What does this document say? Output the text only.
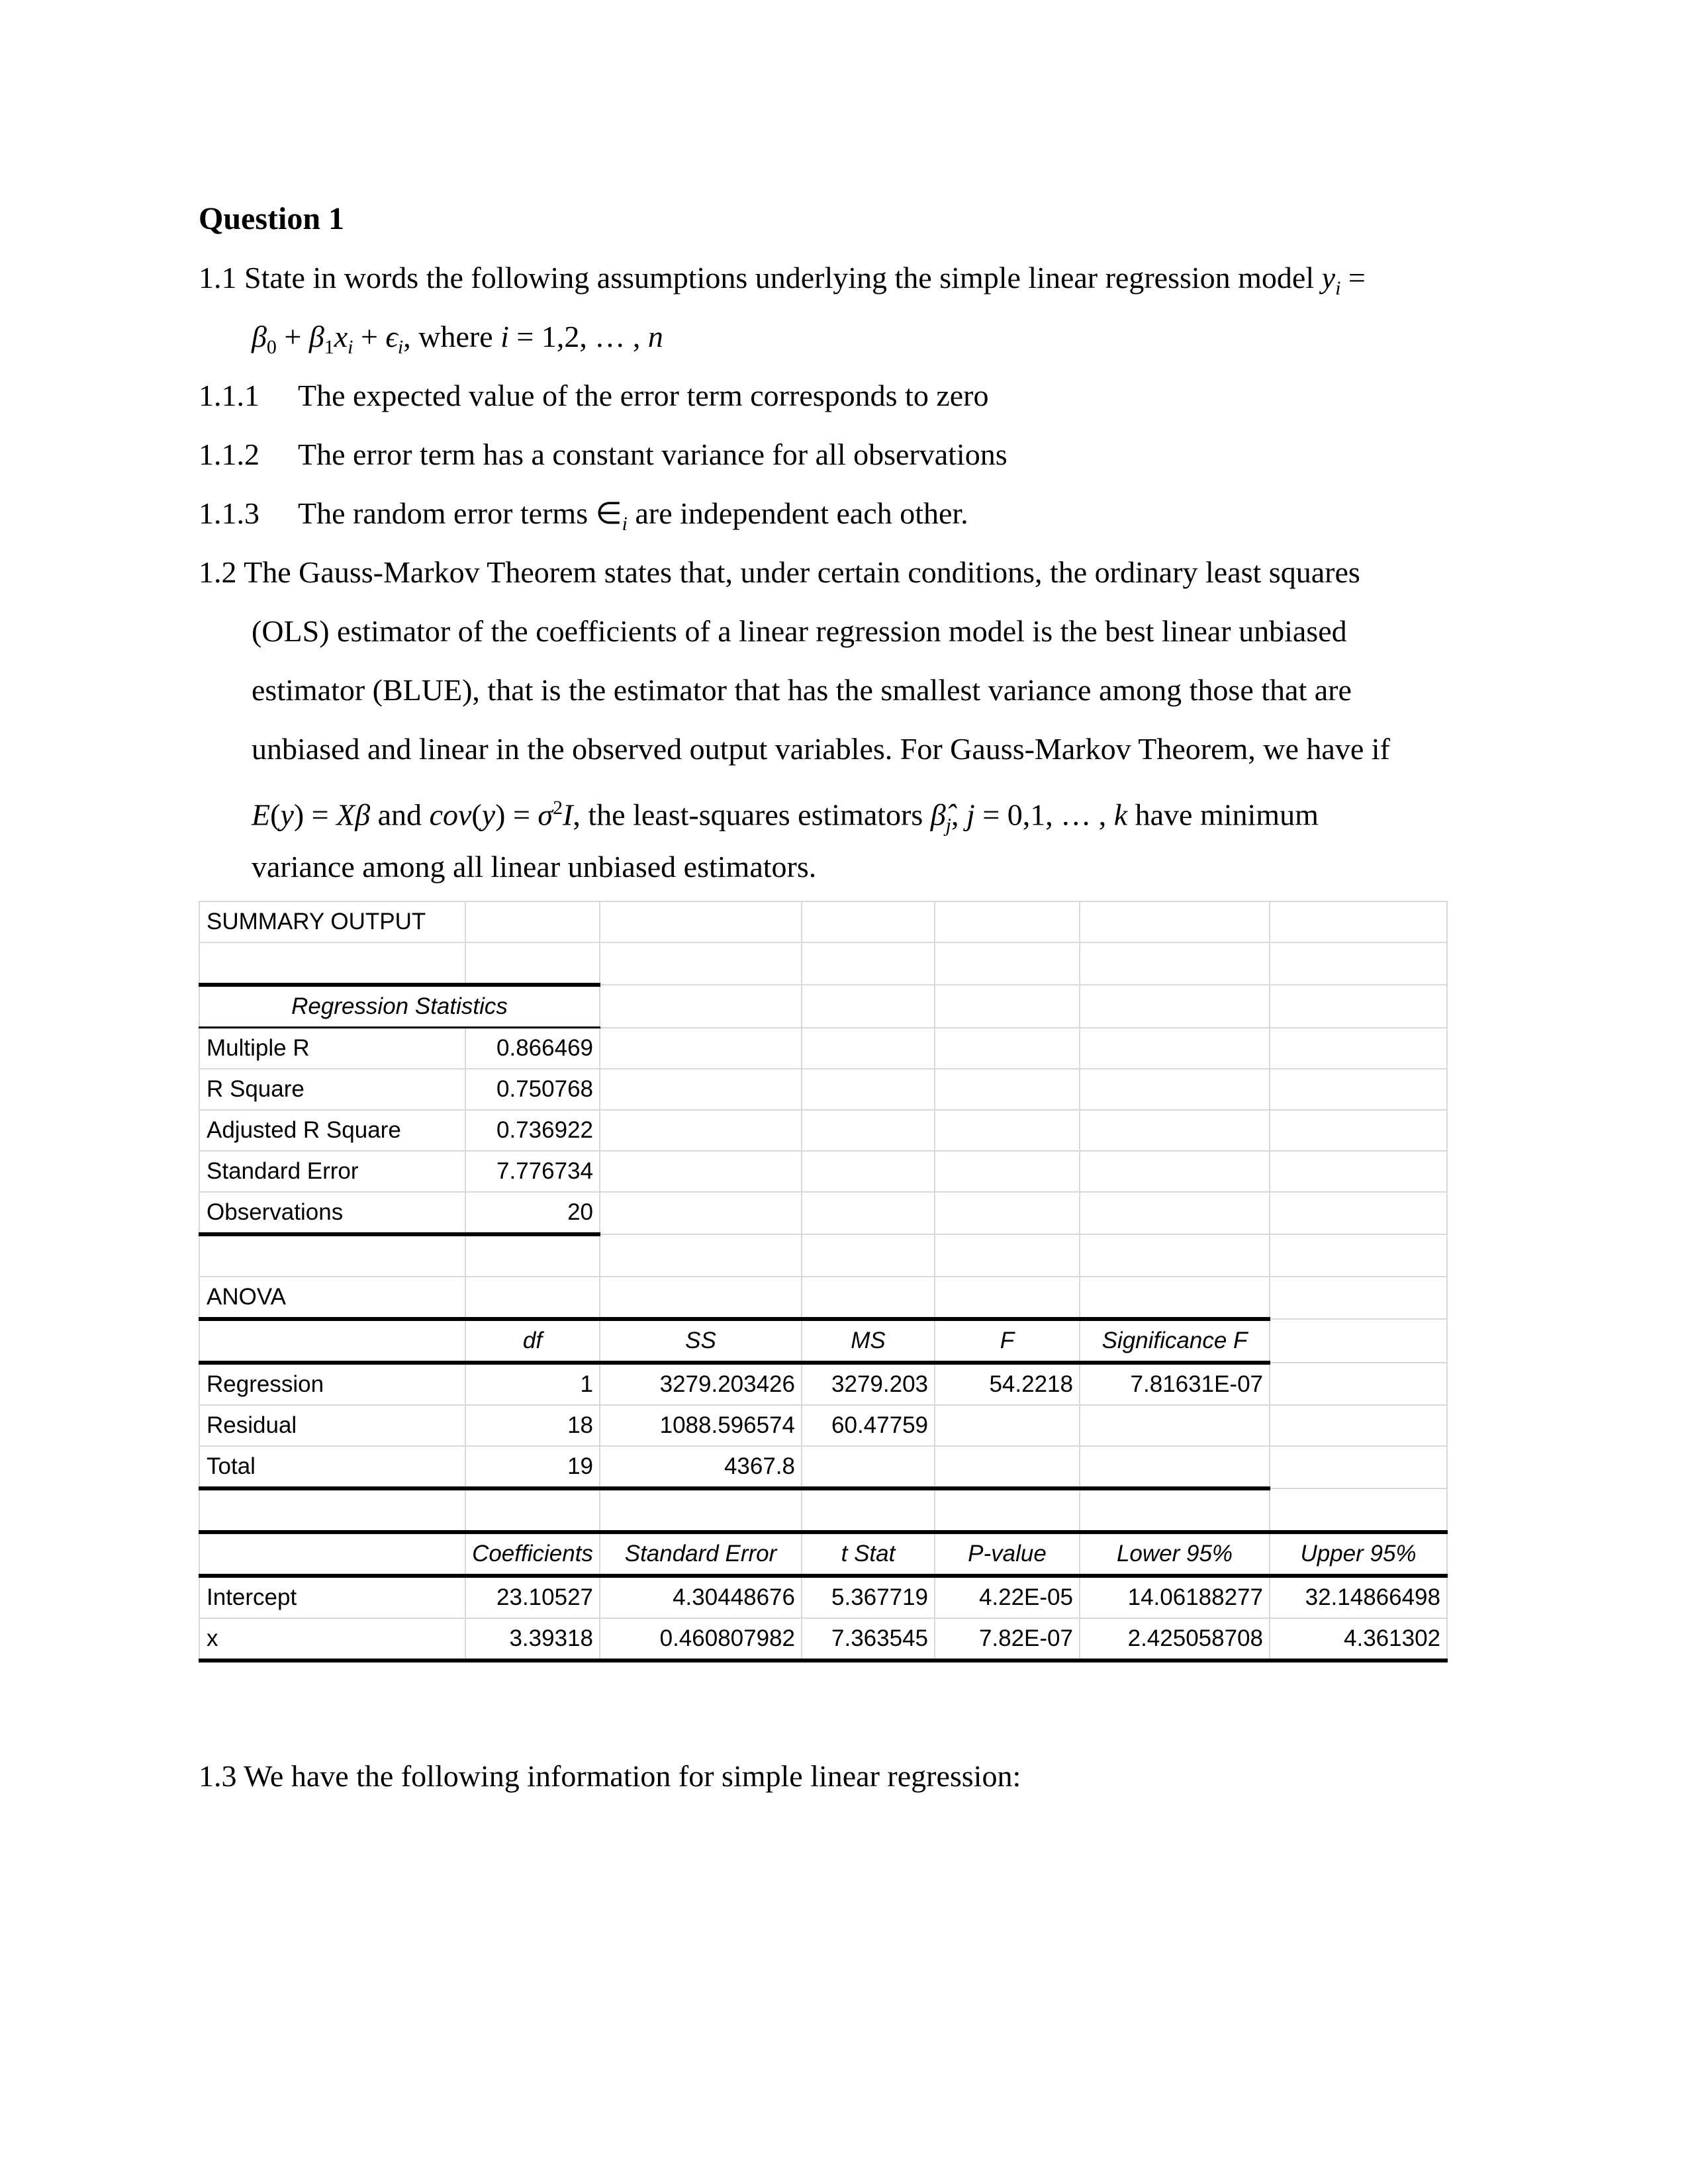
Question 1
1.1 State in words the following assumptions underlying the simple linear regression model $y_i$ =
$\beta_0 + \beta_1x_i + \epsilon_i$, where i = 1,2, … , n
1.1.1 The expected value of the error term corresponds to zero
1.1.2 The error term has a constant variance for all observations
1.1.3 The random error terms $\in_i$ are independent each other.
1.2 The Gauss-Markov Theorem states that, under certain conditions, the ordinary least squares
(OLS) estimator of the coefficients of a linear regression model is the best linear unbiased
estimator (BLUE), that is the estimator that has the smallest variance among those that are
unbiased and linear in the observed output variables. For Gauss-Markov Theorem, we have if
E(y) = Xβ and $cov(y) = \sigma^2I$, the least-squares estimators $\betâ_j$, j = 0,1, … , k have minimum
variance among all linear unbiased estimators.
SUMMARY OUTPUT						

Regression Statistics						
Multiple R	0.866469					
R Square	0.750768					
Adjusted R Square	0.736922					
Standard Error	7.776734					
Observations	20					

ANOVA						
	df	SS	MS	F	Significance F	
Regression	1	3279.203426	3279.203	54.2218	7.81631E-07	
Residual	18	1088.596574	60.47759			
Total	19	4367.8				

	Coefficients	Standard Error	t Stat	P-value	Lower 95%	Upper 95%
Intercept	23.10527	4.30448676	5.367719	4.22E-05	14.06188277	32.14866498
x	3.39318	0.460807982	7.363545	7.82E-07	2.425058708	4.361302
1.3 We have the following information for simple linear regression:
